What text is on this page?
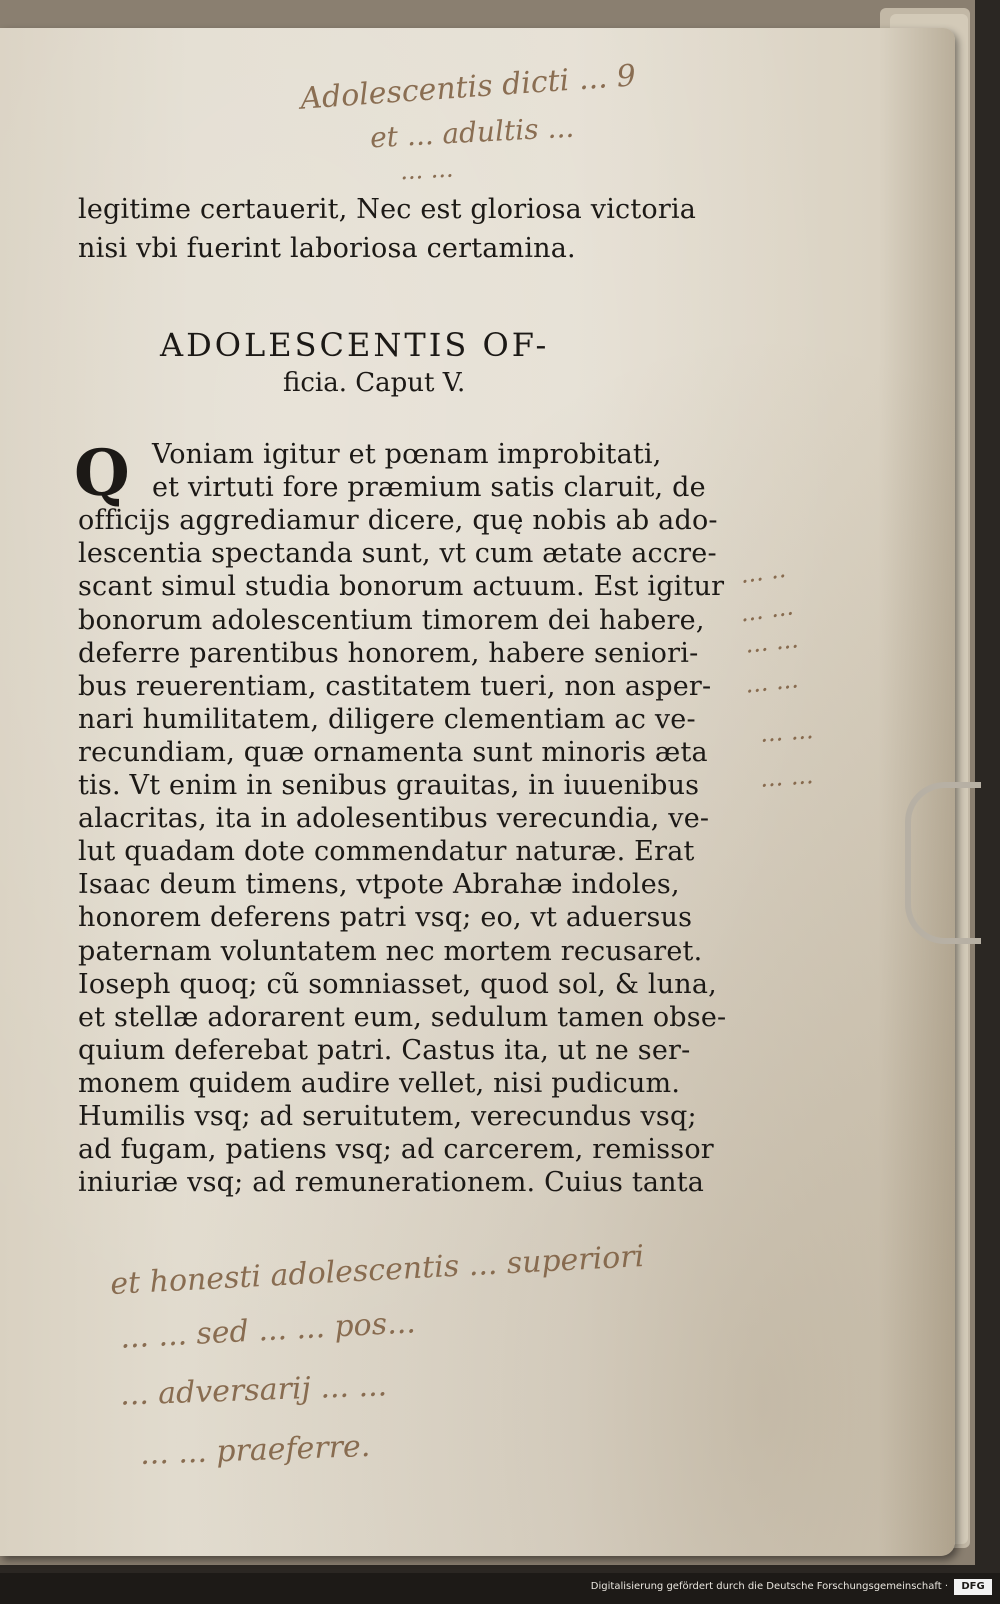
Adolescentis dicti ... 9
et ... adultis ...
... ...
legitime certauerit, Nec est gloriosa victoria
nisi vbi fuerint laboriosa certamina.
ADOLESCENTIS OF-
ficia. Caput V.
Q Voniam igitur et pœnam improbitati,
et virtuti fore præmium satis claruit, de
officijs aggrediamur dicere, quę nobis ab ado-
lescentia spectanda sunt, vt cum ætate accre-
scant simul studia bonorum actuum. Est igitur
bonorum adolescentium timorem dei habere,
deferre parentibus honorem, habere seniori-
bus reuerentiam, castitatem tueri, non asper-
nari humilitatem, diligere clementiam ac ve-
recundiam, quæ ornamenta sunt minoris æta
tis. Vt enim in senibus grauitas, in iuuenibus
alacritas, ita in adolesentibus verecundia, ve-
lut quadam dote commendatur naturæ. Erat
Isaac deum timens, vtpote Abrahæ indoles,
honorem deferens patri vsq; eo, vt aduersus
paternam voluntatem nec mortem recusaret.
Ioseph quoq; cũ somniasset, quod sol, & luna,
et stellæ adorarent eum, sedulum tamen obse-
quium deferebat patri. Castus ita, ut ne ser-
monem quidem audire vellet, nisi pudicum.
Humilis vsq; ad seruitutem, verecundus vsq;
ad fugam, patiens vsq; ad carcerem, remissor
iniuriæ vsq; ad remunerationem. Cuius tanta
... ..
... ...
... ...
... ...
... ...
... ...
et honesti adolescentis ... superiori
... ... sed ... ... pos...
... adversarij ... ...
... ... praeferre.
Digitalisierung gefördert durch die Deutsche Forschungsgemeinschaft ·	DFG
